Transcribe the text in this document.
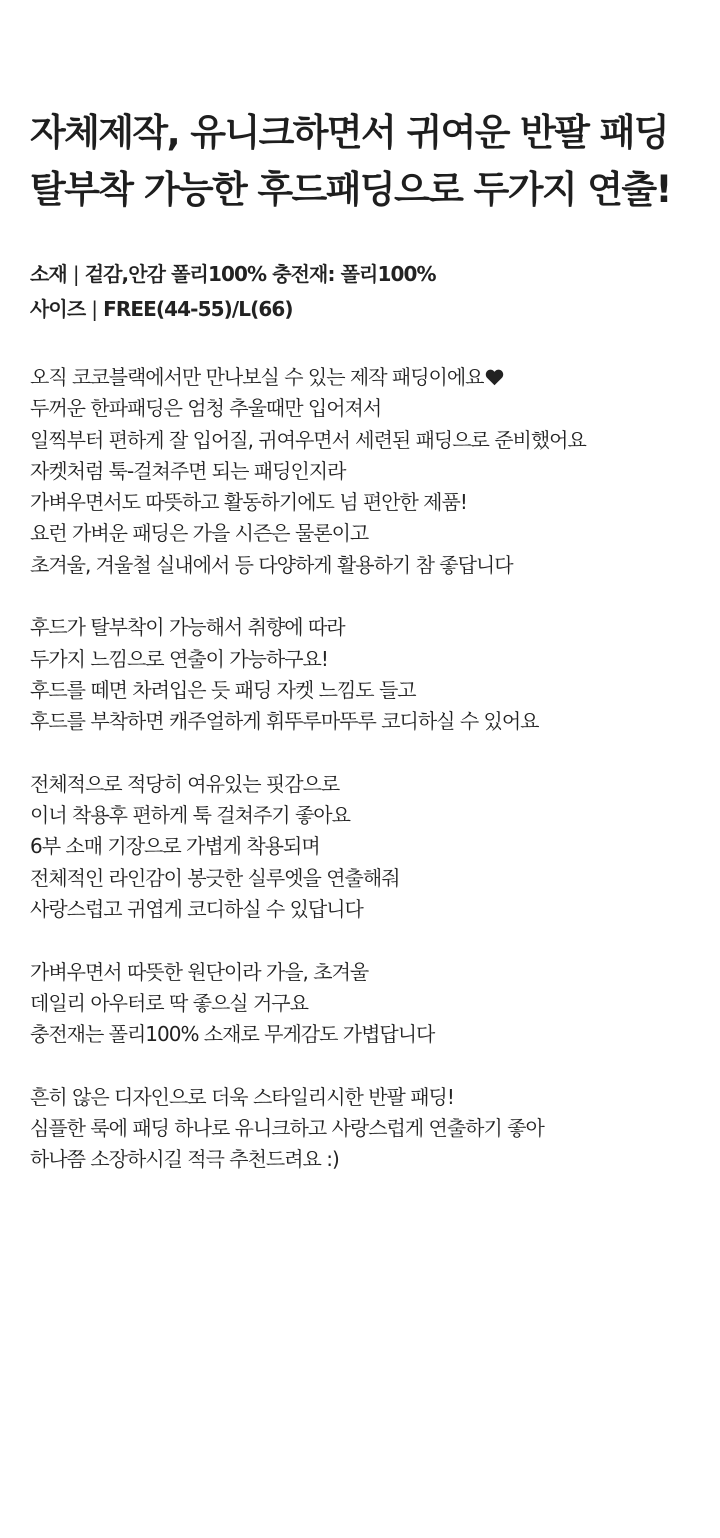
자체제작, 유니크하면서 귀여운 반팔 패딩
탈부착 가능한 후드패딩으로 두가지 연출!
소재 | 겉감,안감 폴리100% 충전재: 폴리100%
사이즈 | FREE(44-55)/L(66)
오직 코코블랙에서만 만나보실 수 있는 제작 패딩이에요
두꺼운 한파패딩은 엄청 추울때만 입어져서
일찍부터 편하게 잘 입어질, 귀여우면서 세련된 패딩으로 준비했어요
자켓처럼 툭-걸쳐주면 되는 패딩인지라
가벼우면서도 따뜻하고 활동하기에도 넘 편안한 제품!
요런 가벼운 패딩은 가을 시즌은 물론이고
초겨울, 겨울철 실내에서 등 다양하게 활용하기 참 좋답니다
후드가 탈부착이 가능해서 취향에 따라
두가지 느낌으로 연출이 가능하구요!
후드를 떼면 차려입은 듯 패딩 자켓 느낌도 들고
후드를 부착하면 캐주얼하게 휘뚜루마뚜루 코디하실 수 있어요
전체적으로 적당히 여유있는 핏감으로
이너 착용후 편하게 툭 걸쳐주기 좋아요
6부 소매 기장으로 가볍게 착용되며
전체적인 라인감이 봉긋한 실루엣을 연출해줘
사랑스럽고 귀엽게 코디하실 수 있답니다
가벼우면서 따뜻한 원단이라 가을, 초겨울
데일리 아우터로 딱 좋으실 거구요
충전재는 폴리100% 소재로 무게감도 가볍답니다
흔히 않은 디자인으로 더욱 스타일리시한 반팔 패딩!
심플한 룩에 패딩 하나로 유니크하고 사랑스럽게 연출하기 좋아
하나쯤 소장하시길 적극 추천드려요 :)
